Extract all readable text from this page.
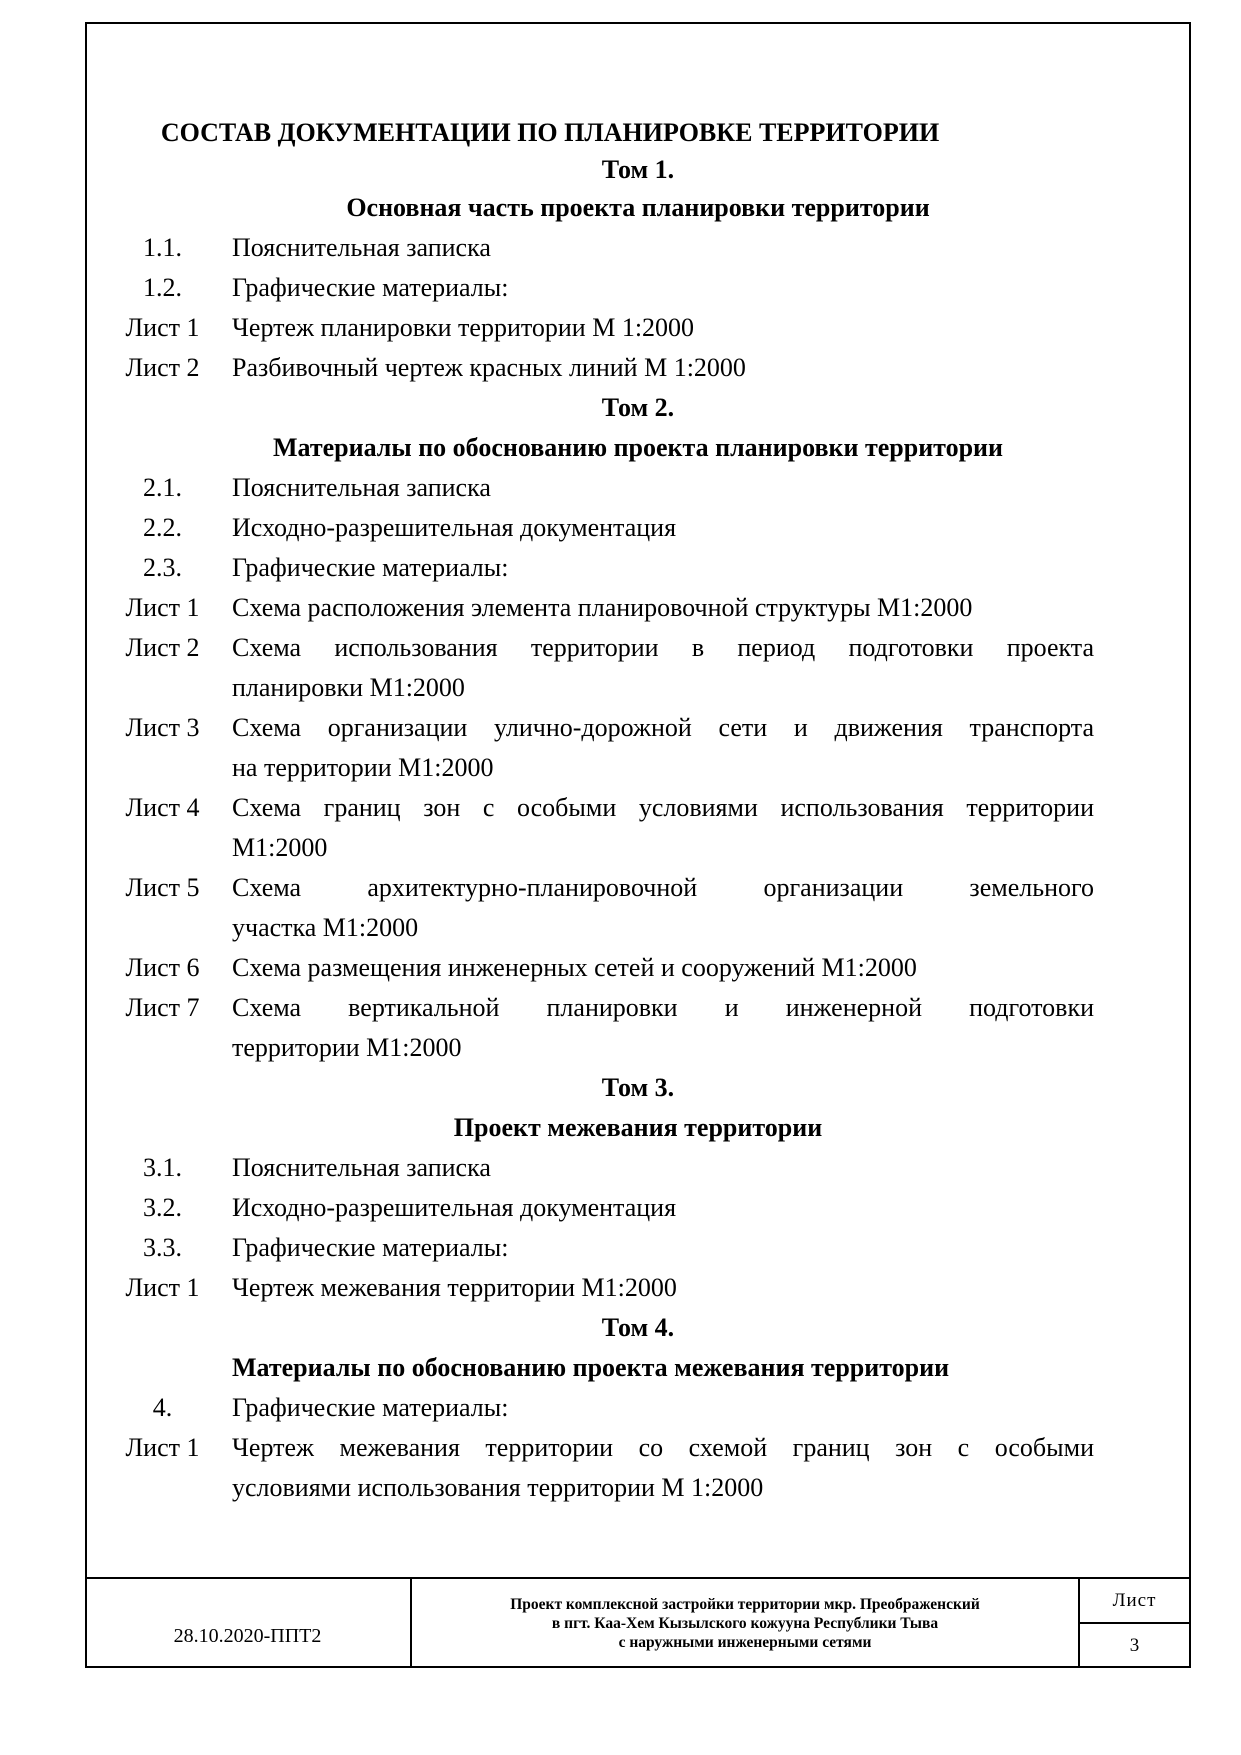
СОСТАВ ДОКУМЕНТАЦИИ ПО ПЛАНИРОВКЕ ТЕРРИТОРИИ
Том 1.
Основная часть проекта планировки территории
1.1.	Пояснительная записка
1.2.	Графические материалы:
Лист 1	Чертеж планировки территории М 1:2000
Лист 2	Разбивочный чертеж красных линий М 1:2000
Том 2.
Материалы по обоснованию проекта планировки территории
2.1.	Пояснительная записка
2.2.	Исходно-разрешительная документация
2.3.	Графические материалы:
Лист 1	Схема расположения элемента планировочной структуры М1:2000
Лист 2	Схема использования территории в период подготовки проекта
планировки М1:2000
Лист 3	Схема организации улично-дорожной сети и движения транспорта
на территории М1:2000
Лист 4	Схема границ зон с особыми условиями использования территории
М1:2000
Лист 5	Схема архитектурно-планировочной организации земельного
участка М1:2000
Лист 6	Схема размещения инженерных сетей и сооружений М1:2000
Лист 7	Схема вертикальной планировки и инженерной подготовки
территории М1:2000
Том 3.
Проект межевания территории
3.1.	Пояснительная записка
3.2.	Исходно-разрешительная документация
3.3.	Графические материалы:
Лист 1	Чертеж межевания территории М1:2000
Том 4.
Материалы по обоснованию проекта межевания территории
4.	Графические материалы:
Лист 1	Чертеж межевания территории со схемой границ зон с особыми
условиями использования территории М 1:2000
28.10.2020-ППТ2
Проект комплексной застройки территории мкр. Преображенский
в пгт. Каа-Хем Кызылского кожууна Республики Тыва
с наружными инженерными сетями
Лист
3
